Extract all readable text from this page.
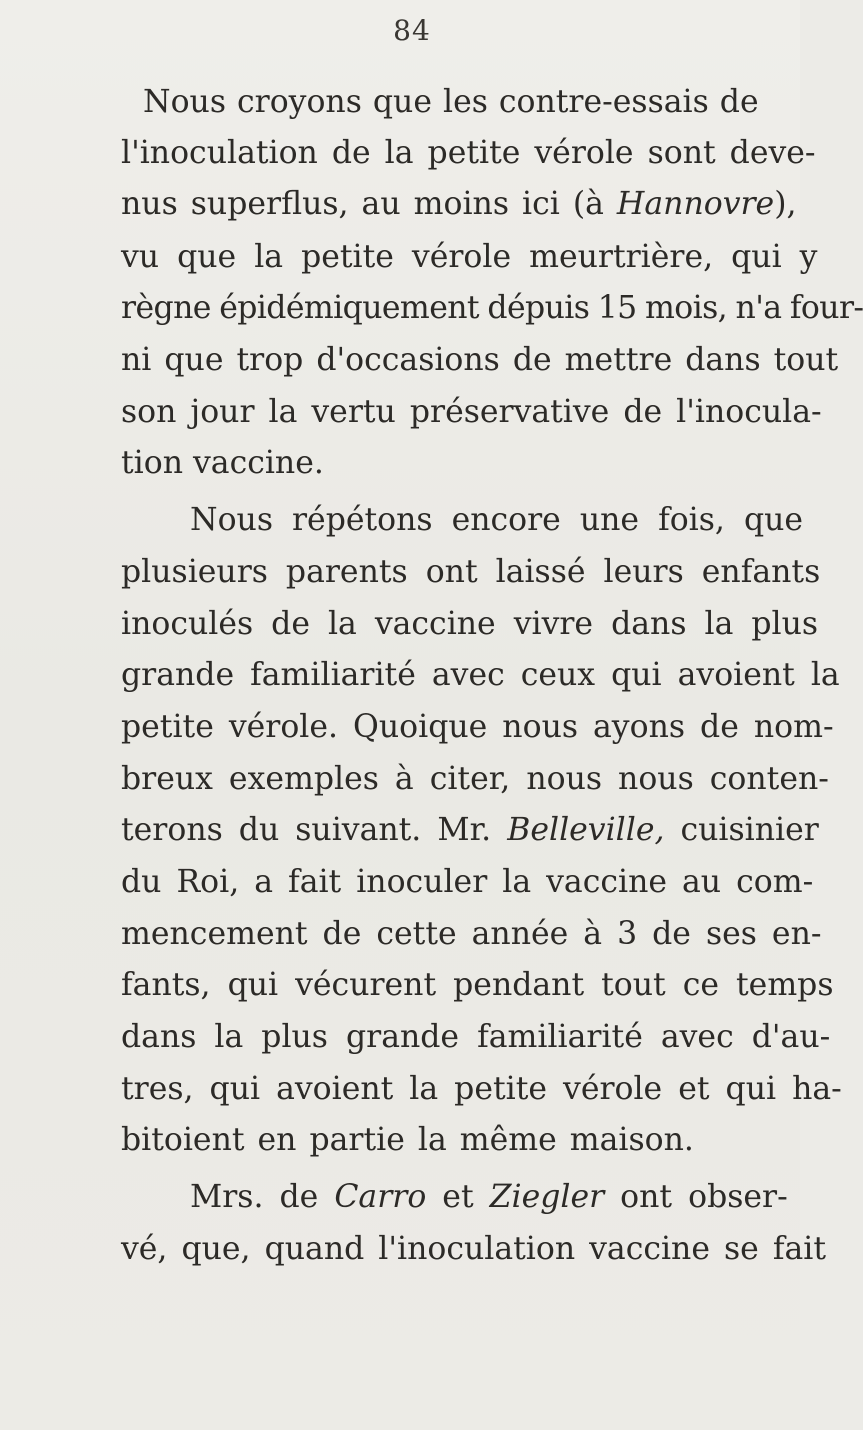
84
Nous croyons que les contre-essais de
l'inoculation de la petite vérole sont deve-
nus superflus, au moins ici (à Hannovre),
vu que la petite vérole meurtrière, qui y
règne épidémiquement dépuis 15 mois, n'a four-
ni que trop d'occasions de mettre dans tout
son jour la vertu préservative de l'inocula-
tion vaccine.
Nous répétons encore une fois, que
plusieurs parents ont laissé leurs enfants
inoculés de la vaccine vivre dans la plus
grande familiarité avec ceux qui avoient la
petite vérole. Quoique nous ayons de nom-
breux exemples à citer, nous nous conten-
terons du suivant. Mr. Belleville, cuisinier
du Roi, a fait inoculer la vaccine au com-
mencement de cette année à 3 de ses en-
fants, qui vécurent pendant tout ce temps
dans la plus grande familiarité avec d'au-
tres, qui avoient la petite vérole et qui ha-
bitoient en partie la même maison.
Mrs. de Carro et Ziegler ont obser-
vé, que, quand l'inoculation vaccine se fait
